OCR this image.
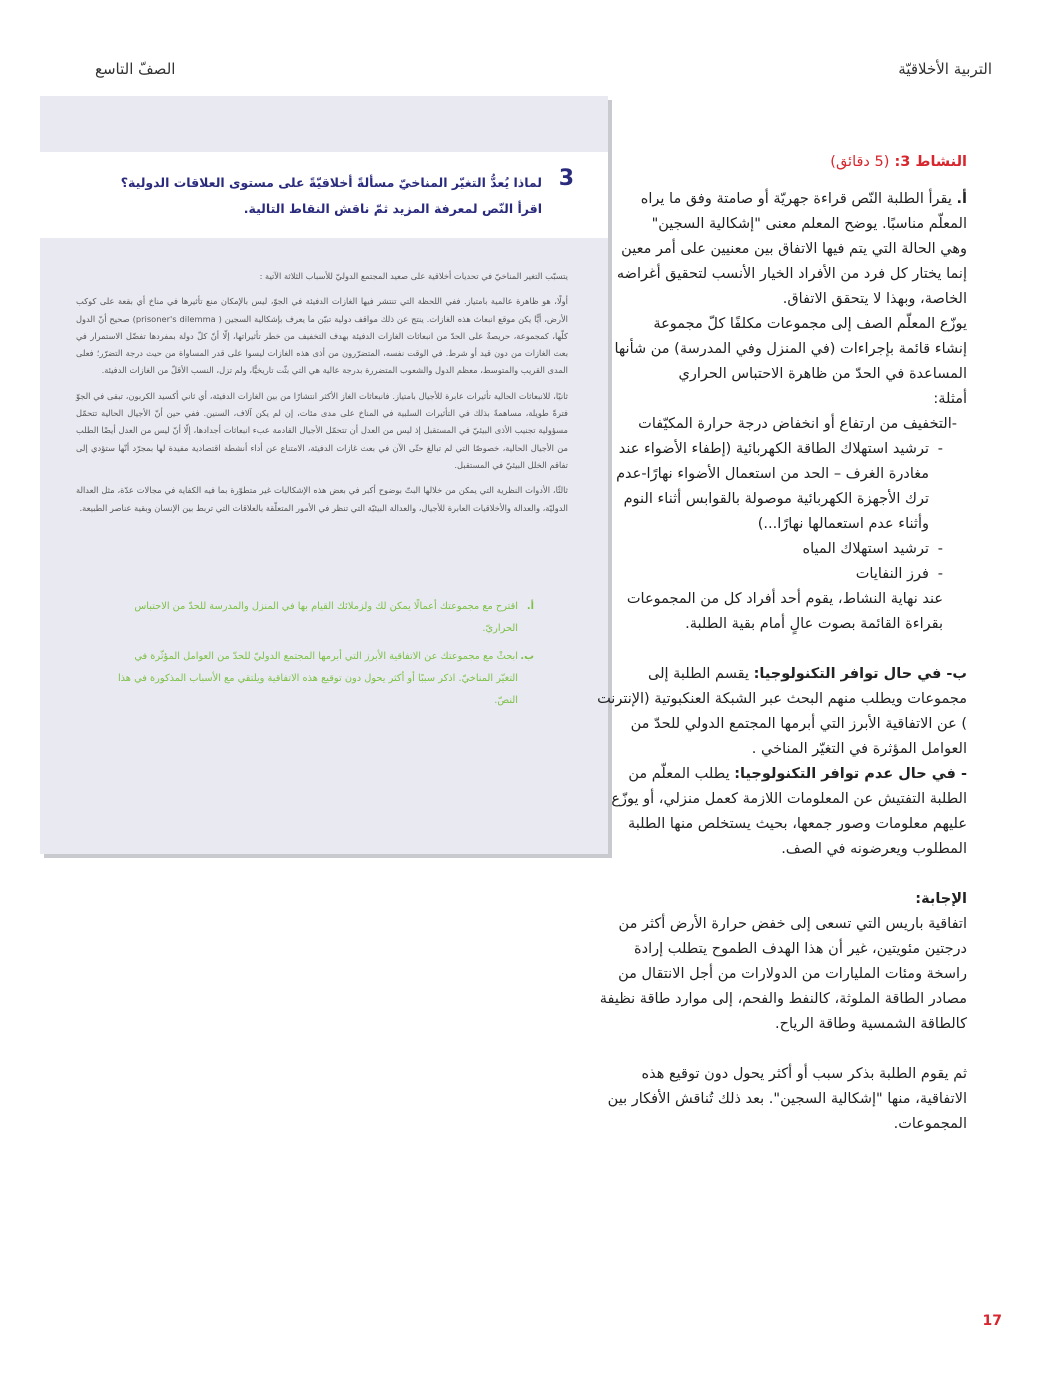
التربية الأخلاقيّة
الصفّ التاسع
3
لماذا يُعدُّ التغيّر المناخيّ مسألةً أخلاقيّةً على مستوى العلاقات الدولية؟ اقرأ النّص لمعرفة المزيد ثمّ ناقش النقاط التالية.

يتسبّب التغير المناخيّ في تحديات أخلاقية على صعيد المجتمع الدوليّ للأسباب الثلاثة الآتية :

أولًا، هو ظاهرة عالمية بامتياز. ففي اللحظة التي تنتشر فيها الغازات الدفيئة في الجوّ، ليس بالإمكان منع تأثيرها في مناخ أي بقعة على كوكب الأرض، أيًّا يكن موقع انبعاث هذه الغازات. ينتج عن ذلك مواقف دولية تبيّن ما يعرف بإشكالية السجين ( prisoner's dilemma) صحيح أنّ الدول كلّها، كمجموعة، حريصةٌ على الحدّ من انبعاثات الغازات الدفيئة بهدف التخفيف من خطر تأثيراتها، إلّا أنّ كلّ دولة بمفردها تفضّل الاستمرار في بعث الغازات من دون قيد أو شرط. في الوقت نفسه، المتضرّرون من أذى هذه الغازات ليسوا على قدر المساواة من حيث درجة التضرّر؛ فعلى المدى القريب والمتوسط، معظم الدول والشعوب المتضررة بدرجة عالية هي التي بثّت تاريخيًّا، ولم تزل، النسب الأقلّ من الغازات الدفيئة.

ثانيًا، للانبعاثات الحالية تأثيرات عابرة للأجيال بامتياز. فانبعاثات الغاز الأكثر انتشارًا من بين الغازات الدفيئة، أي ثاني أكسيد الكربون، تبقى في الجوّ فترةً طويلة، مساهمةً بذلك في التأثيرات السلبية في المناخ على مدى مئات، إن لم يكن آلاف، السنين. ففي حين أنّ الأجيال الحالية تتحمّل مسؤولية تجنيب الأذى البيئيّ في المستقبل إذ ليس من العدل أن تتحمّل الأجيال القادمة عبء انبعاثات أجدادها، إلّا أنّ ليس من العدل أيضًا الطلب من الأجيال الحالية، خصوصًا التي لم تبالغ حتّى الآن في بعث غازات الدفيئة، الامتناع عن أداء أنشطة اقتصادية مفيدة لها بمجرّد أنّها ستؤدي إلى تفاقم الخلل البيئيّ في المستقبل.

ثالثًا، الأدوات النظرية التي يمكن من خلالها البتّ بوضوح أكبر في بعض هذه الإشكاليات غير متطوّرة بما فيه الكفاية في مجالات عدّة، مثل العدالة الدوليّة، والعدالة والأخلاقيات العابرة للأجيال، والعدالة البيئيّة التي تنظر في الأمور المتعلّقة بالعلاقات التي تربط بين الإنسان وبقية عناصر الطبيعة.

أ.
اقترح مع مجموعتك أعمالًا يمكن لك ولزملائك القيام بها في المنزل والمدرسة للحدّ من الاحتباس الحراريّ.
ب.
ابحثْ مع مجموعتك عن الاتفاقية الأبرز التي أبرمها المجتمع الدوليّ للحدّ من العوامل المؤثّرة في التغيّر المناخيّ. اذكر سببًا أو أكثر يحول دون توقيع هذه الاتفاقية ويلتقي مع الأسباب المذكورة في هذا النصّ.
النشاط 3: (5 دقائق)
أ. يقرأ الطلبة النّص قراءة جهريّة أو صامتة وفق ما يراه
المعلّم مناسبًا. يوضح المعلم معنى "إشكالية السجين"
وهي الحالة التي يتم فيها الاتفاق بين معنيين على أمر معين
إنما يختار كل فرد من الأفراد الخيار الأنسب لتحقيق أغراضه
الخاصة، وبهذا لا يتحقق الاتفاق.
يوزّع المعلّم الصف إلى مجموعات مكلفًا كلّ مجموعة
إنشاء قائمة بإجراءات (في المنزل وفي المدرسة) من شأنها
المساعدة في الحدّ من ظاهرة الاحتباس الحراري
أمثلة:
-التخفيف من ارتفاع أو انخفاض درجة حرارة المكيّفات
- ترشيد استهلاك الطاقة الكهربائية (إطفاء الأضواء عند مغادرة الغرف – الحد من استعمال الأضواء نهارًا-عدم ترك الأجهزة الكهربائية موصولة بالقوابس أثناء النوم وأثناء عدم استعمالها نهارًا...)
- ترشيد استهلاك المياه
- فرز النفايات
عند نهاية النشاط، يقوم أحد أفراد كل من المجموعات بقراءة القائمة بصوت عالٍ أمام بقية الطلبة.
ب- في حال توافر التكنولوجيا: يقسم الطلبة إلى مجموعات ويطلب منهم البحث عبر الشبكة العنكبوتية (الإنترنت ) عن الاتفاقية الأبرز التي أبرمها المجتمع الدولي للحدّ من العوامل المؤثرة في التغيّر المناخي .
- في حال عدم توافر التكنولوجيا: يطلب المعلّم من الطلبة التفتيش عن المعلومات اللازمة كعمل منزلي، أو يوزّع عليهم معلومات وصور جمعها، بحيث يستخلص منها الطلبة المطلوب ويعرضونه في الصف.
الإجابة:
اتفاقية باريس التي تسعى إلى خفض حرارة الأرض أكثر من درجتين مئويتين، غير أن هذا الهدف الطموح يتطلب إرادة راسخة ومئات المليارات من الدولارات من أجل الانتقال من مصادر الطاقة الملوثة، كالنفط والفحم، إلى موارد طاقة نظيفة كالطاقة الشمسية وطاقة الرياح.
ثم يقوم الطلبة بذكر سبب أو أكثر يحول دون توقيع هذه الاتفاقية، منها "إشكالية السجين". بعد ذلك تُناقش الأفكار بين المجموعات.
17
